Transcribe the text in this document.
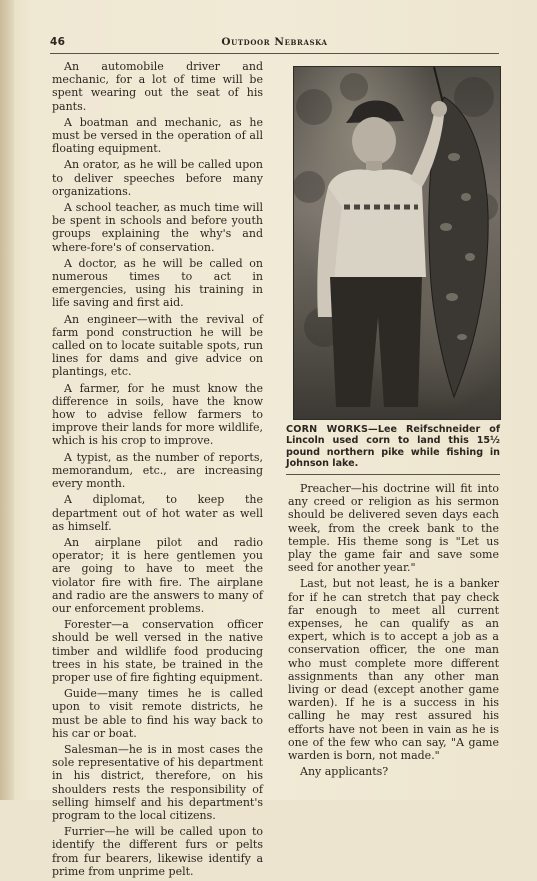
46	Outdoor Nebraska

An automobile driver and mechanic, for a lot of time will be spent wearing out the seat of his pants.

A boatman and mechanic, as he must be versed in the operation of all floating equipment.

An orator, as he will be called upon to deliver speeches before many organizations.

A school teacher, as much time will be spent in schools and before youth groups explaining the why's and where-fore's of conservation.

A doctor, as he will be called on numerous times to act in emergencies, using his training in life saving and first aid.

An engineer—with the revival of farm pond construction he will be called on to locate suitable spots, run lines for dams and give advice on plantings, etc.

A farmer, for he must know the difference in soils, have the know how to advise fellow farmers to improve their lands for more wildlife, which is his crop to improve.

A typist, as the number of reports, memorandum, etc., are increasing every month.

A diplomat, to keep the department out of hot water as well as himself.

An airplane pilot and radio operator; it is here gentlemen you are going to have to meet the violator fire with fire. The airplane and radio are the answers to many of our enforcement problems.

Forester—a conservation officer should be well versed in the native timber and wildlife food producing trees in his state, be trained in the proper use of fire fighting equipment.

Guide—many times he is called upon to visit remote districts, he must be able to find his way back to his car or boat.

Salesman—he is in most cases the sole representative of his department in his district, therefore, on his shoulders rests the responsibility of selling himself and his department's program to the local citizens.

Furrier—he will be called upon to identify the different furs or pelts from fur bearers, likewise identify a prime from unprime pelt.

CORN WORKS—Lee Reifschneider of Lincoln used corn to land this 15½ pound northern pike while fishing in Johnson lake.

Preacher—his doctrine will fit into any creed or religion as his sermon should be delivered seven days each week, from the creek bank to the temple. His theme song is "Let us play the game fair and save some seed for another year."

Last, but not least, he is a banker for if he can stretch that pay check far enough to meet all current expenses, he can qualify as an expert, which is to accept a job as a conservation officer, the one man who must complete more different assignments than any other man living or dead (except another game warden). If he is a success in his calling he may rest assured his efforts have not been in vain as he is one of the few who can say, "A game warden is born, not made."

Any applicants?
